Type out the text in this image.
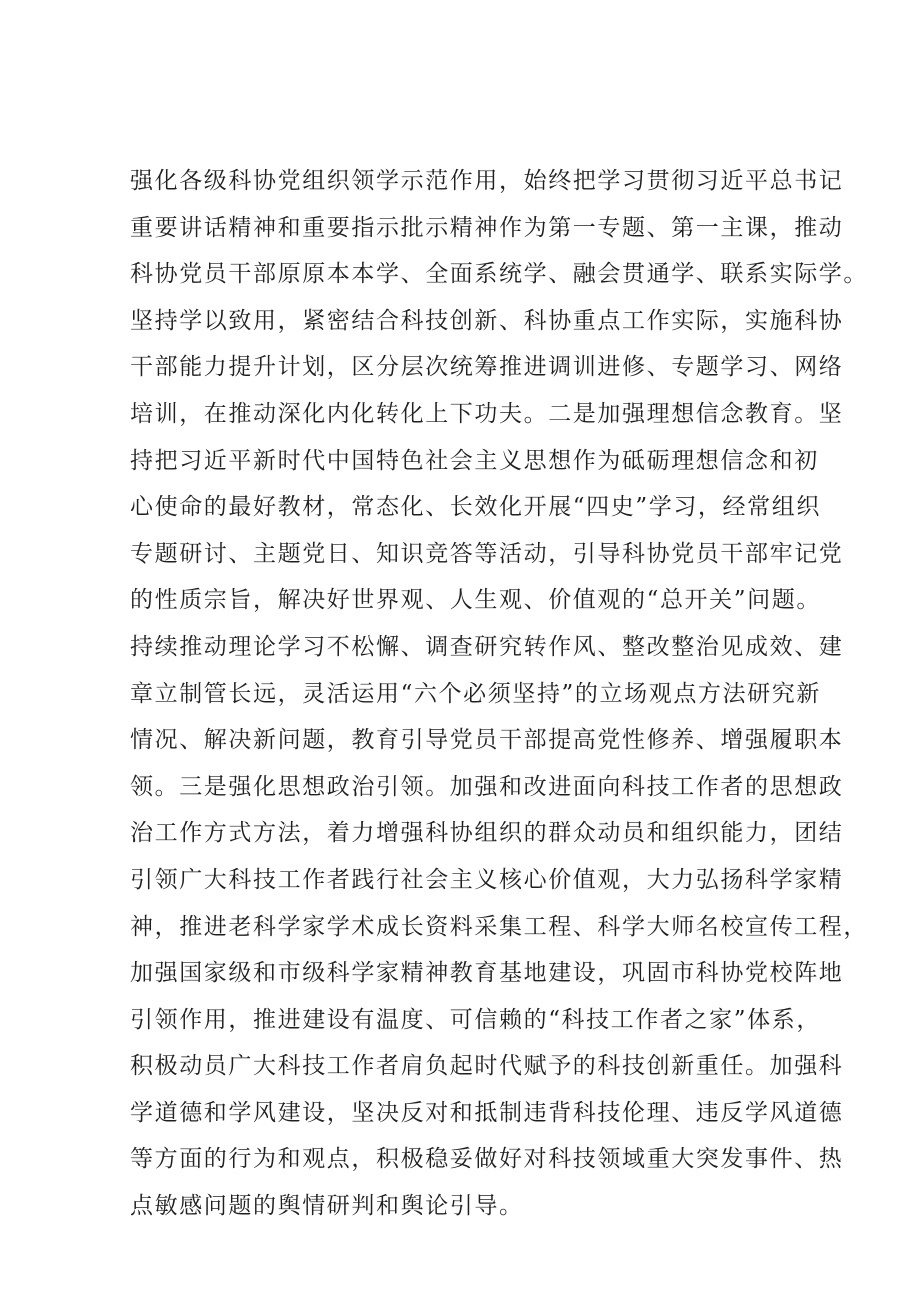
强化各级科协党组织领学示范作用，始终把学习贯彻习近平总书记
重要讲话精神和重要指示批示精神作为第一专题、第一主课，推动
科协党员干部原原本本学、全面系统学、融会贯通学、联系实际学。
坚持学以致用，紧密结合科技创新、科协重点工作实际，实施科协
干部能力提升计划，区分层次统筹推进调训进修、专题学习、网络
培训，在推动深化内化转化上下功夫。二是加强理想信念教育。坚
持把习近平新时代中国特色社会主义思想作为砥砺理想信念和初
心使命的最好教材，常态化、长效化开展“四史”学习，经常组织
专题研讨、主题党日、知识竞答等活动，引导科协党员干部牢记党
的性质宗旨，解决好世界观、人生观、价值观的“总开关”问题。
持续推动理论学习不松懈、调查研究转作风、整改整治见成效、建
章立制管长远，灵活运用“六个必须坚持”的立场观点方法研究新
情况、解决新问题，教育引导党员干部提高党性修养、增强履职本
领。三是强化思想政治引领。加强和改进面向科技工作者的思想政
治工作方式方法，着力增强科协组织的群众动员和组织能力，团结
引领广大科技工作者践行社会主义核心价值观，大力弘扬科学家精
神，推进老科学家学术成长资料采集工程、科学大师名校宣传工程，
加强国家级和市级科学家精神教育基地建设，巩固市科协党校阵地
引领作用，推进建设有温度、可信赖的“科技工作者之家”体系，
积极动员广大科技工作者肩负起时代赋予的科技创新重任。加强科
学道德和学风建设，坚决反对和抵制违背科技伦理、违反学风道德
等方面的行为和观点，积极稳妥做好对科技领域重大突发事件、热
点敏感问题的舆情研判和舆论引导。
